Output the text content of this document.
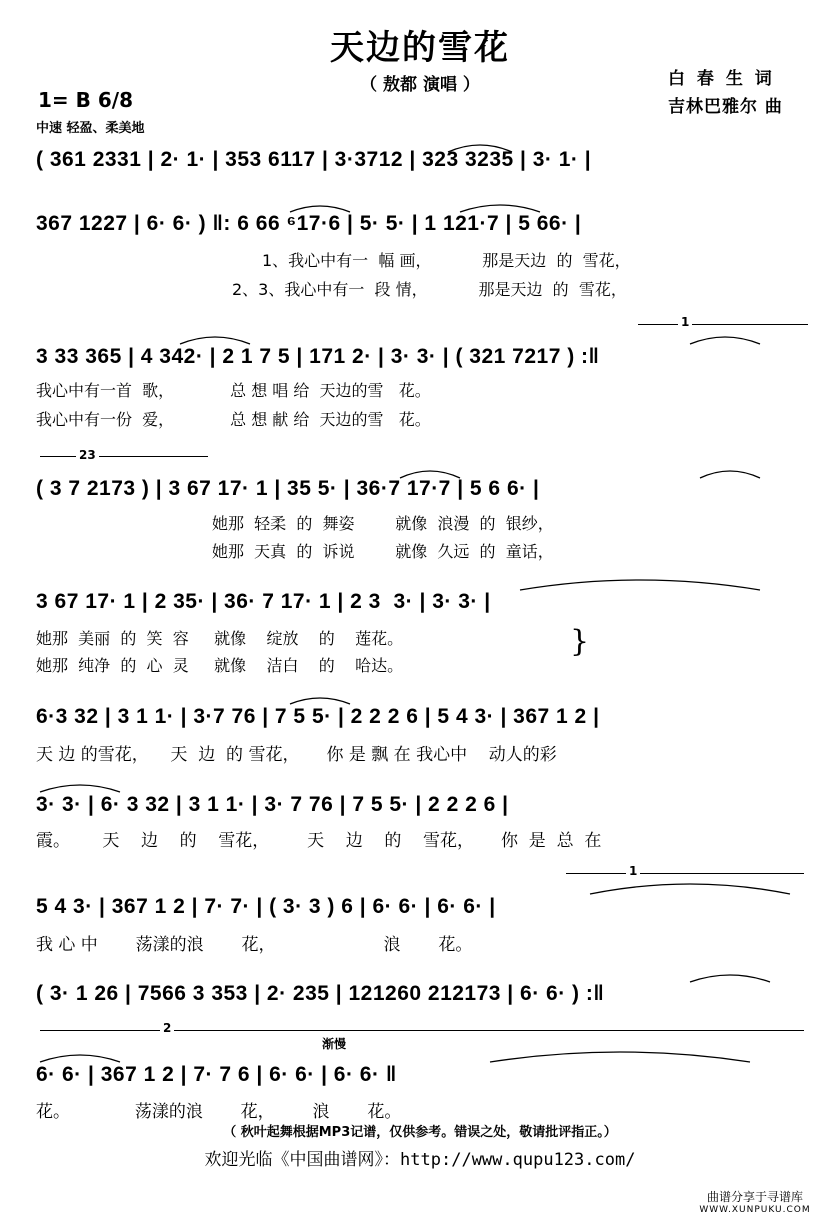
天边的雪花
（ 敖都 演唱 ）	白 春 生 词
吉林巴雅尔 曲
1= B 6/8
中速 轻盈、柔美地
( 361 2331 | 2· 1· | 353 6117 | 3·3712 | 323 3235 | 3· 1· |
367 1227 | 6· 6· ) ‖: 6 66 ⁶17·6 | 5· 5· | 1 121·7 | 5 66· |
1、我心中有一  幅 画，          那是天边  的  雪花，
2、3、我心中有一  段 情，          那是天边  的  雪花，
1
3 33 365 | 4 342· | 2 1 7 5 | 171 2· | 3· 3· | ( 321 7217 ) :‖
我心中有一首  歌，           总 想 唱 给  天边的雪   花。
我心中有一份  爱，           总 想 献 给  天边的雪   花。
23
( 3 7 2173 ) | 3 67 17· 1 | 35 5· | 36·7 17·7 | 5 6 6· |
她那  轻柔  的  舞姿        就像  浪漫  的  银纱，
她那  天真  的  诉说        就像  久远  的  童话，
3 67 17· 1 | 2 35· | 36· 7 17· 1 | 2 3  3· | 3· 3· |
她那  美丽  的  笑  容     就像    绽放    的    莲花。
她那  纯净  的  心  灵     就像    洁白    的    哈达。
}
6·3 32 | 3 1 1· | 3·7 76 | 7 5 5· | 2 2 2 6 | 5 4 3· | 367 1 2 |
天 边 的雪花，    天  边  的 雪花，     你 是 飘 在 我心中    动人的彩
3· 3· | 6· 3 32 | 3 1 1· | 3· 7 76 | 7 5 5· | 2 2 2 6 |
霞。      天    边    的    雪花，       天    边    的    雪花，     你  是  总  在
1
5 4 3· | 367 1 2 | 7· 7· | ( 3· 3 ) 6 | 6· 6· | 6· 6· |
我 心 中       荡漾的浪       花，                    浪       花。
( 3· 1 26 | 7566 3 353 | 2· 235 | 121260 212173 | 6· 6· ) :‖
2
渐慢
6· 6· | 367 1 2 | 7· 7 6 | 6· 6· | 6· 6· ‖
花。            荡漾的浪       花，       浪       花。
（ 秋叶起舞根据MP3记谱，仅供参考。错误之处，敬请批评指正。）
欢迎光临《中国曲谱网》：http://www.qupu123.com/
曲谱分享于寻谱库
WWW.XUNPUKU.COM
